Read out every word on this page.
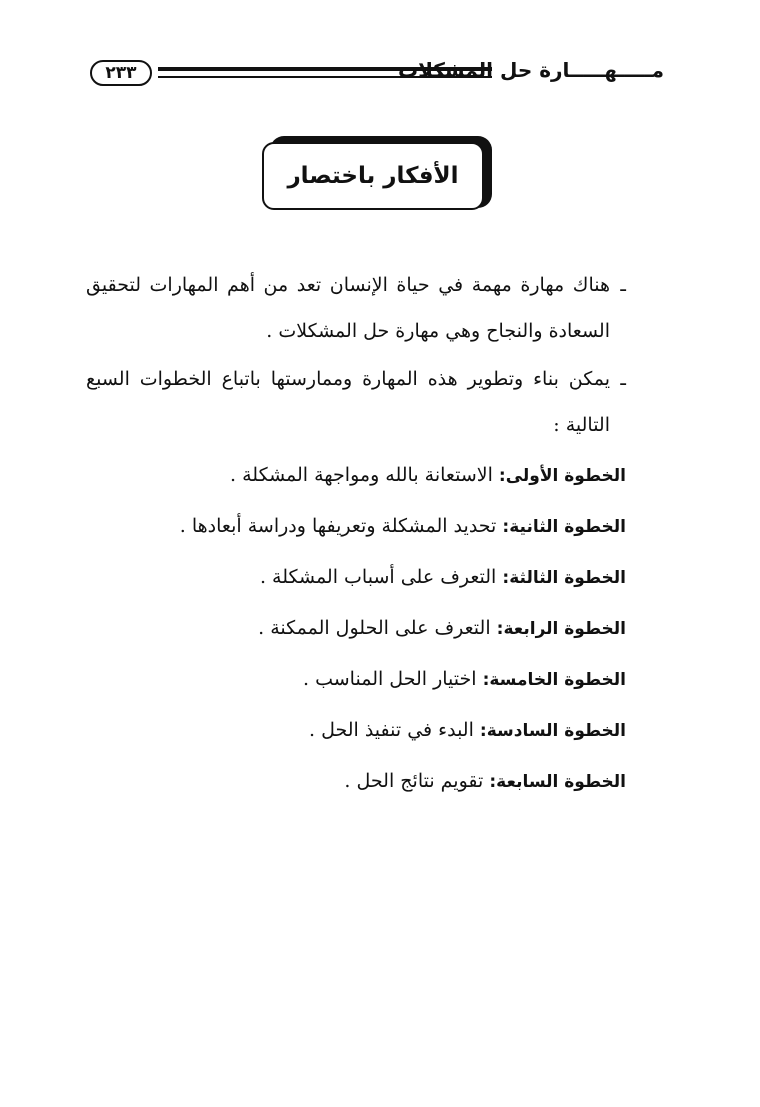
٢٣٣	مـــــهـــــارة حل المشكلات
الأفكار باختصار
ـ
هناك مهارة مهمة في حياة الإنسان تعد من أهم المهارات لتحقيق السعادة والنجاح وهي مهارة حل المشكلات .
ـ
يمكن بناء وتطوير هذه المهارة وممارستها باتباع الخطوات السبع التالية :
الخطوة الأولى: الاستعانة بالله ومواجهة المشكلة .
الخطوة الثانية: تحديد المشكلة وتعريفها ودراسة أبعادها .
الخطوة الثالثة: التعرف على أسباب المشكلة .
الخطوة الرابعة: التعرف على الحلول الممكنة .
الخطوة الخامسة: اختيار الحل المناسب .
الخطوة السادسة: البدء في تنفيذ الحل .
الخطوة السابعة: تقويم نتائج الحل .
